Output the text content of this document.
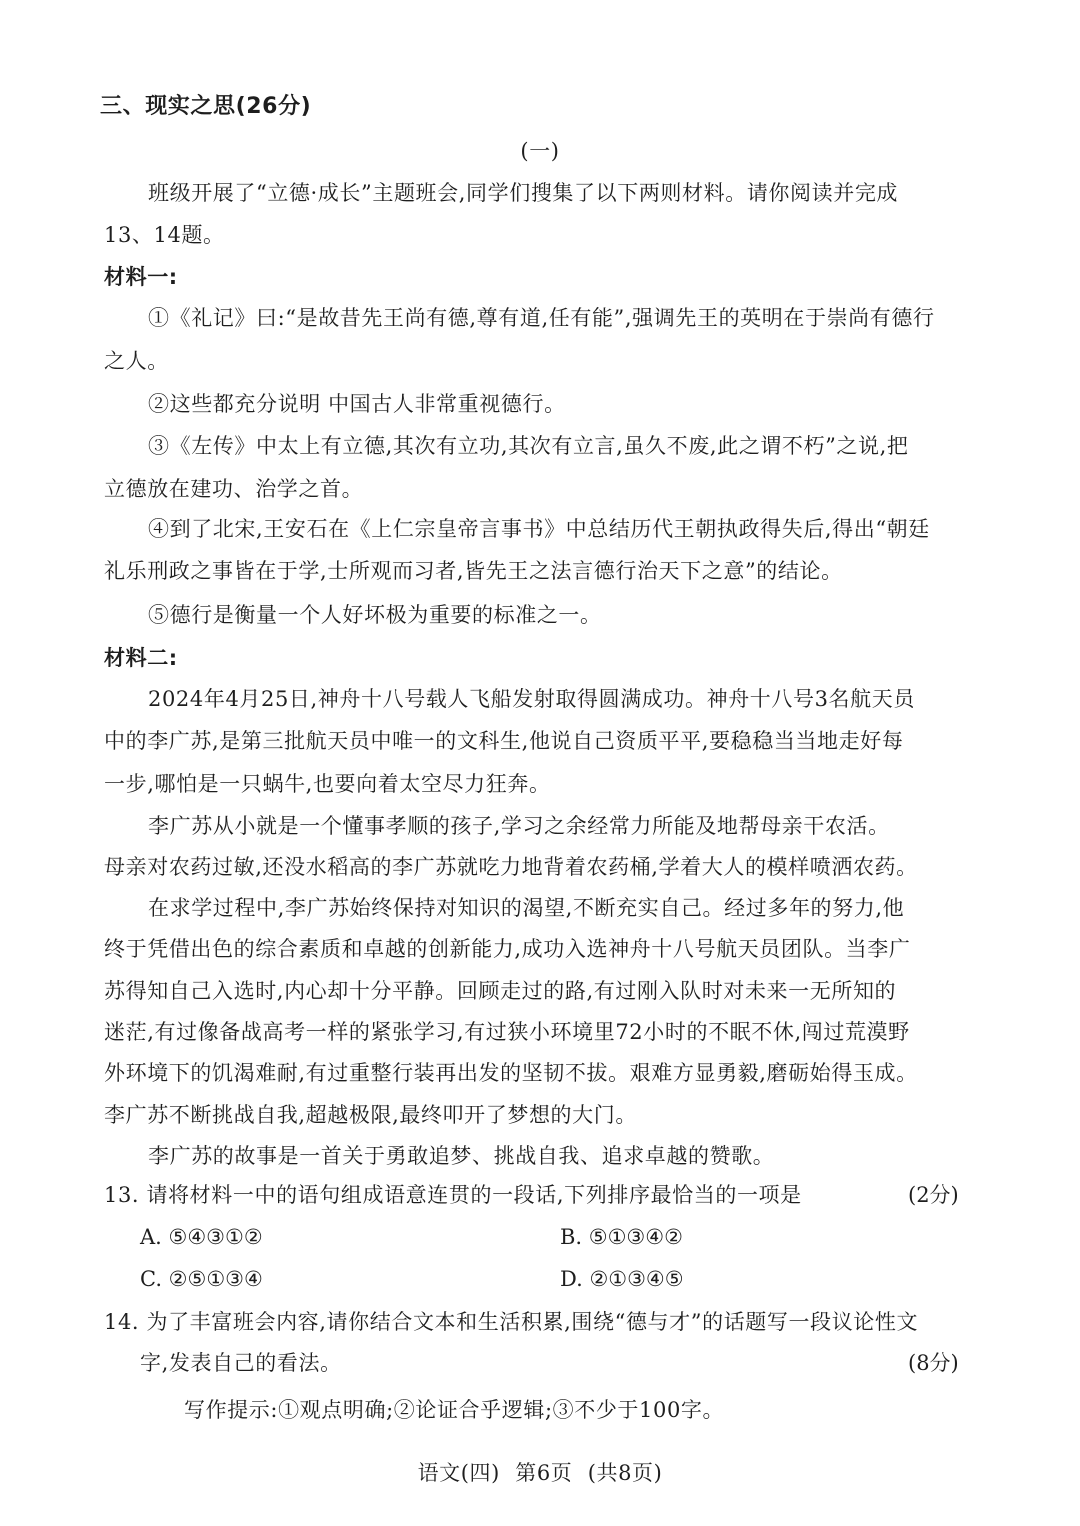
三、现实之思(26分)
(一)
班级开展了“立德·成长”主题班会,同学们搜集了以下两则材料。请你阅读并完成
13、14题。
材料一:
①《礼记》曰:“是故昔先王尚有德,尊有道,任有能”,强调先王的英明在于崇尚有德行
之人。
②这些都充分说明 中国古人非常重视德行。
③《左传》中太上有立德,其次有立功,其次有立言,虽久不废,此之谓不朽”之说,把
立德放在建功、治学之首。
④到了北宋,王安石在《上仁宗皇帝言事书》中总结历代王朝执政得失后,得出“朝廷
礼乐刑政之事皆在于学,士所观而习者,皆先王之法言德行治天下之意”的结论。
⑤德行是衡量一个人好坏极为重要的标准之一。
材料二:
2024年4月25日,神舟十八号载人飞船发射取得圆满成功。神舟十八号3名航天员
中的李广苏,是第三批航天员中唯一的文科生,他说自己资质平平,要稳稳当当地走好每
一步,哪怕是一只蜗牛,也要向着太空尽力狂奔。
李广苏从小就是一个懂事孝顺的孩子,学习之余经常力所能及地帮母亲干农活。
母亲对农药过敏,还没水稻高的李广苏就吃力地背着农药桶,学着大人的模样喷洒农药。
在求学过程中,李广苏始终保持对知识的渴望,不断充实自己。经过多年的努力,他
终于凭借出色的综合素质和卓越的创新能力,成功入选神舟十八号航天员团队。当李广
苏得知自己入选时,内心却十分平静。回顾走过的路,有过刚入队时对未来一无所知的
迷茫,有过像备战高考一样的紧张学习,有过狭小环境里72小时的不眠不休,闯过荒漠野
外环境下的饥渴难耐,有过重整行装再出发的坚韧不拔。艰难方显勇毅,磨砺始得玉成。
李广苏不断挑战自我,超越极限,最终叩开了梦想的大门。
李广苏的故事是一首关于勇敢追梦、挑战自我、追求卓越的赞歌。
13. 请将材料一中的语句组成语意连贯的一段话,下列排序最恰当的一项是	(2分)
A. ⑤④③①②	B. ⑤①③④②
C. ②⑤①③④	D. ②①③④⑤
14. 为了丰富班会内容,请你结合文本和生活积累,围绕“德与才”的话题写一段议论性文
字,发表自己的看法。	(8分)
写作提示:①观点明确;②论证合乎逻辑;③不少于100字。
语文(四) 第6页 (共8页)
